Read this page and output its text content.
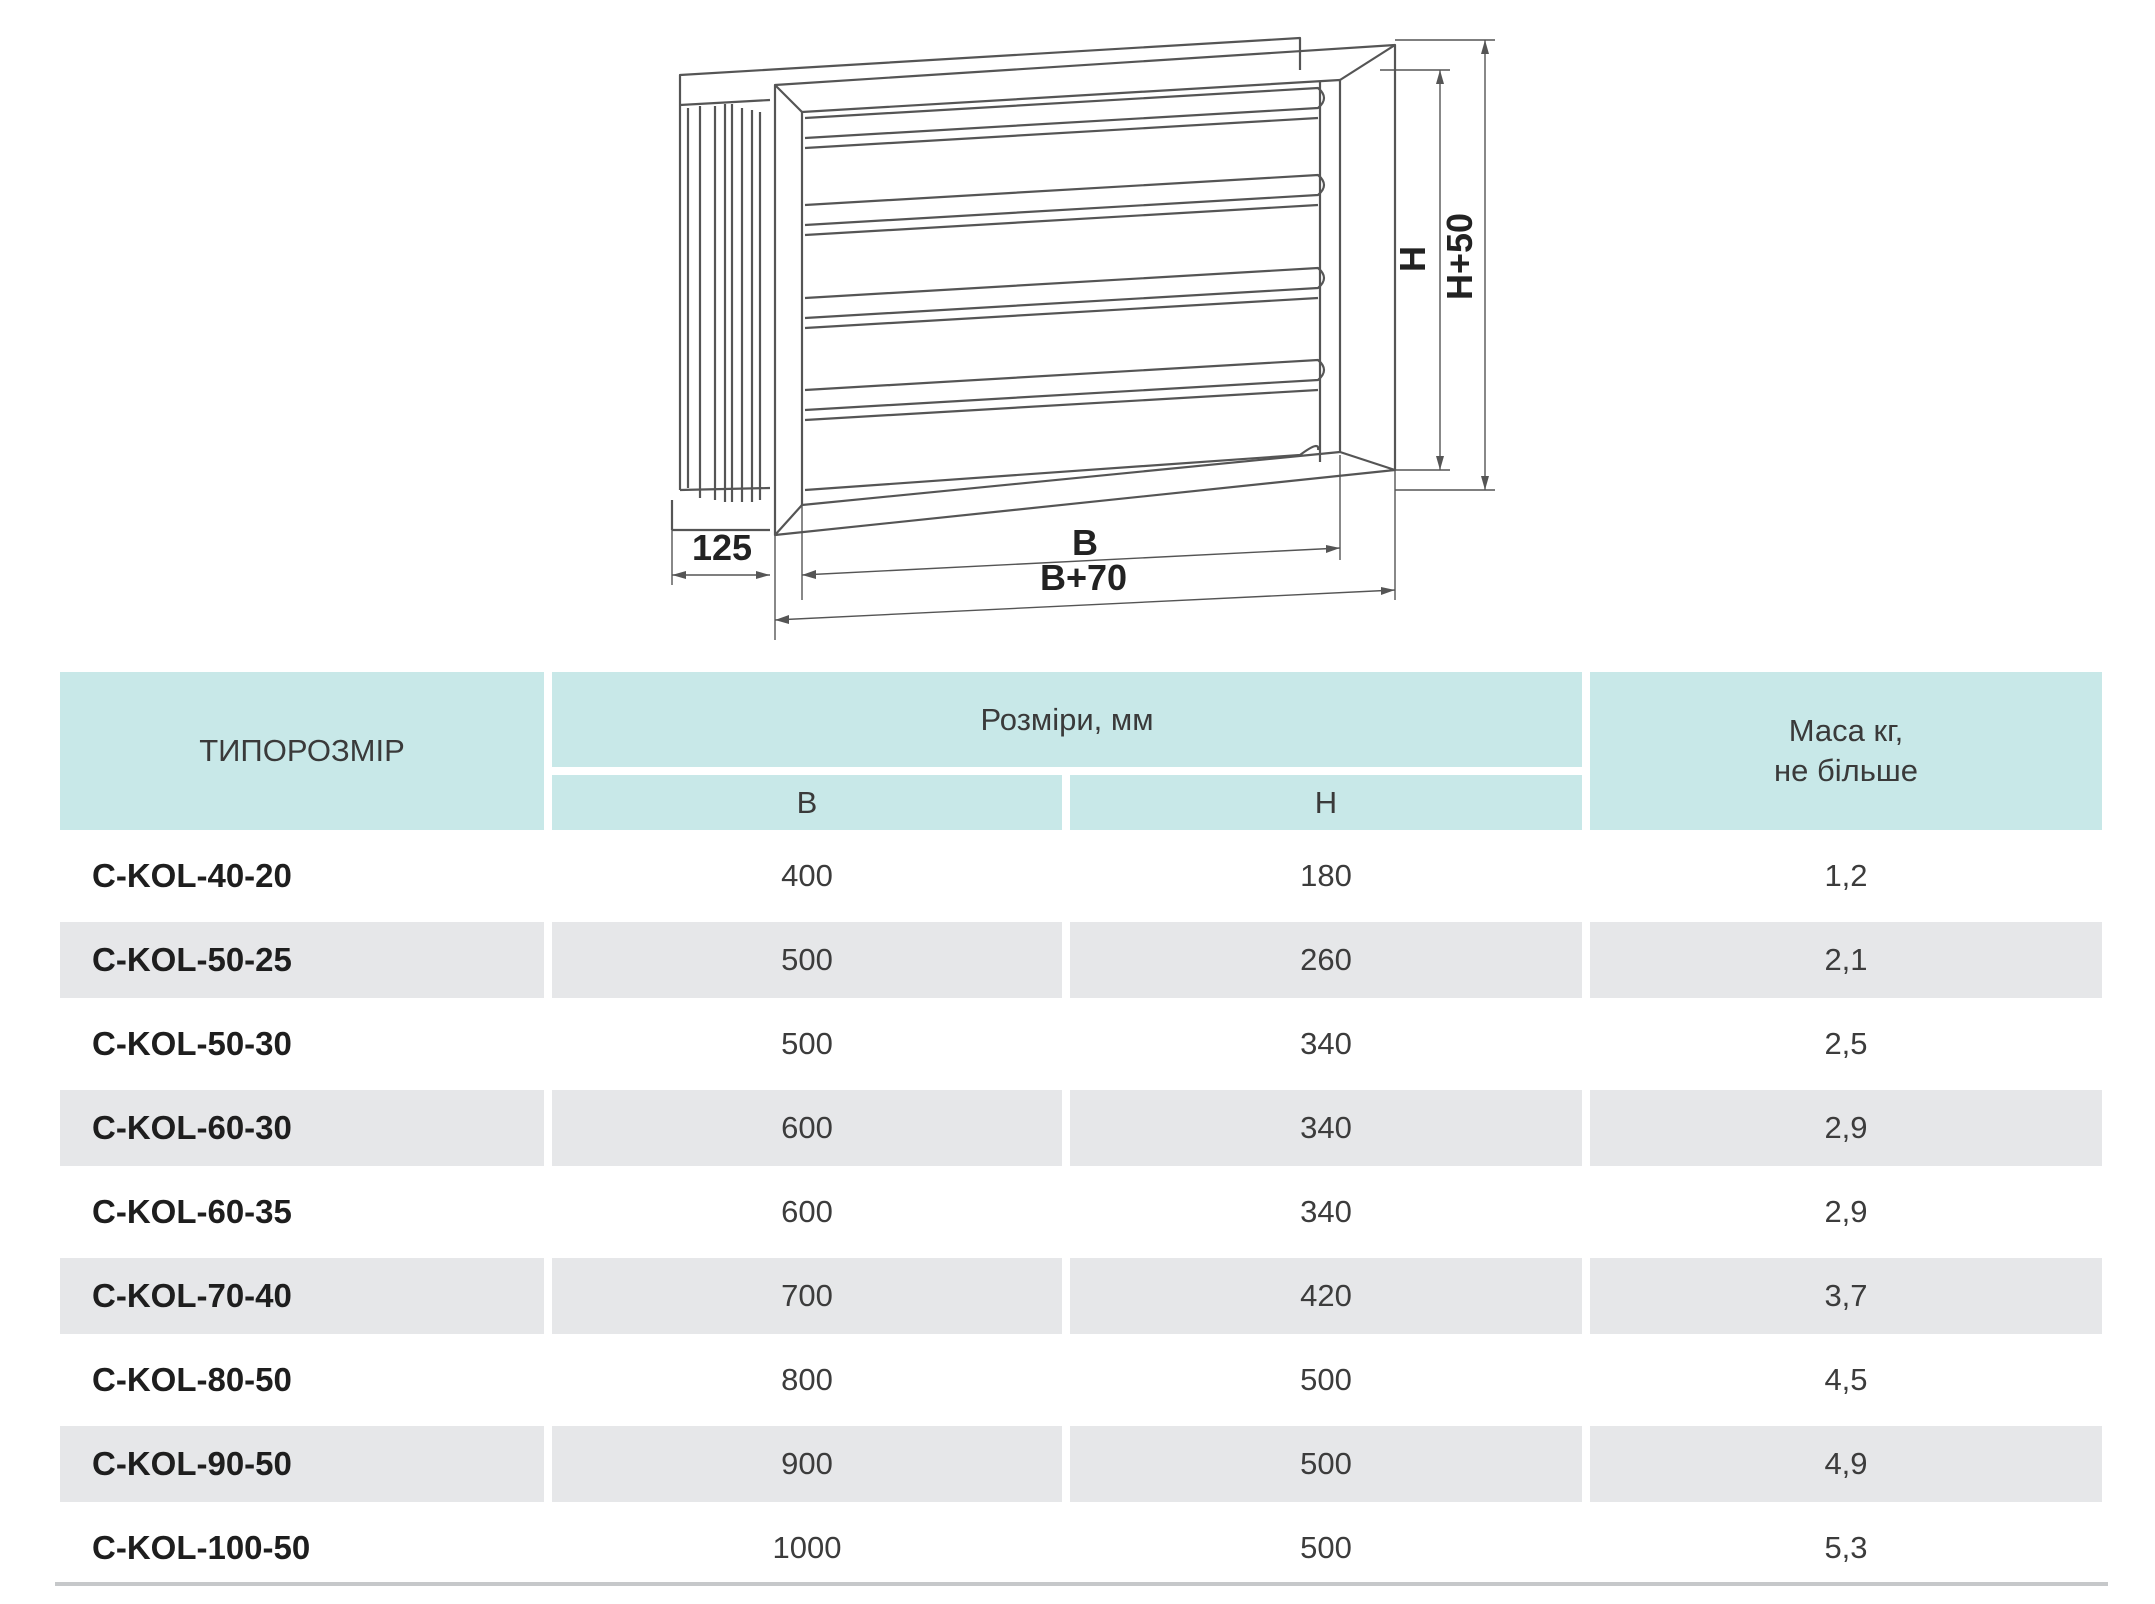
125	B
B+70
H H+50
ТИПОРОЗМІР	Розміри, мм		Маса кг,
не більше

	B	H	
C-KOL-40-20	400	180	1,2
C-KOL-50-25	500	260	2,1
C-KOL-50-30	500	340	2,5
C-KOL-60-30	600	340	2,9
C-KOL-60-35	600	340	2,9
C-KOL-70-40	700	420	3,7
C-KOL-80-50	800	500	4,5
C-KOL-90-50	900	500	4,9
C-KOL-100-50	1000	500	5,3
